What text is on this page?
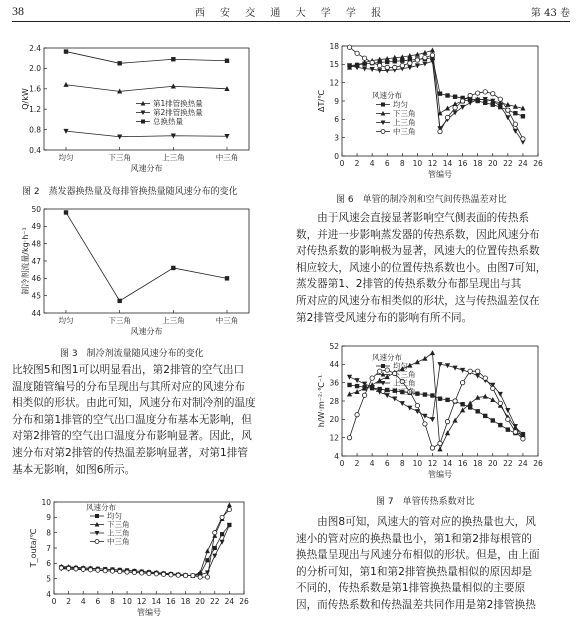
38	西 安 交 通 大 学 学 报	第 43 卷
0.4
0.8
1.2
1.6
2.0
2.4
均匀	下三角	上三角	中三角
风速分布
Q/kW	第1排管换热量
第2排管换热量
总换热量
图 2　蒸发器换热量及每排管换热量随风速分布的变化
44
45
46
47
48
49
50
均匀	下三角	上三角	中三角
风速分布
制冷剂流量/kg·h⁻¹
图 3　制冷剂流量随风速分布的变化
比较图5和图1可以明显看出，第2排管的空气出口
温度随管编号的分布呈现出与其所对应的风速分布
相类似的形状。由此可知，风速分布对制冷剂的温度
分布和第1排管的空气出口温度分布基本无影响，但
对第2排管的空气出口温度分布影响显著。因此，风
速分布对第2排管的传热温差影响显著，对第1排管
基本无影响，如图6所示。
4
5
6
7
8
9
10
0 2 4 6 8 10 12 14 16 18 20 22 24 26
管编号
T_outa/℃
风速分布
均匀
下三角
上三角
中三角
0
3
6
9
12
15
18
0 2 4 6 8 10 12 14 16 18 20 22 24 26
管编号
ΔT/℃	风速分布
均匀
下三角
上三角
中三角
图 6　单管的制冷剂和空气间传热温差对比
　　由于风速会直接显著影响空气侧表面的传热系
数，并进一步影响蒸发器的传热系数，因此风速分布
对传热系数的影响极为显著，风速大的位置传热系数
相应较大，风速小的位置传热系数也小。由图7可知，
蒸发器第1、2排管的传热系数分布都呈现出与其
所对应的风速分布相类似的形状，这与传热温差仅在
第2排管受风速分布的影响有所不同。
4
12
20
28
36
44
52
0 2 4 6 8 10 12 14 16 18 20 22 24 26
管编号
h/W·m⁻²·℃⁻¹
风速分布
均匀
下三角
上三角
中三角
图 7　单管传热系数对比
　　由图8可知，风速大的管对应的换热量也大，风
速小的管对应的换热量也小，第1和第2排每根管的
换热量呈现出与风速分布相似的形状。但是，由上面
的分析可知，第1和第2排管换热量相似的原因却是
不同的，传热系数是第1排管换热量相似的主要原
因，而传热系数和传热温差共同作用是第2排管换热
